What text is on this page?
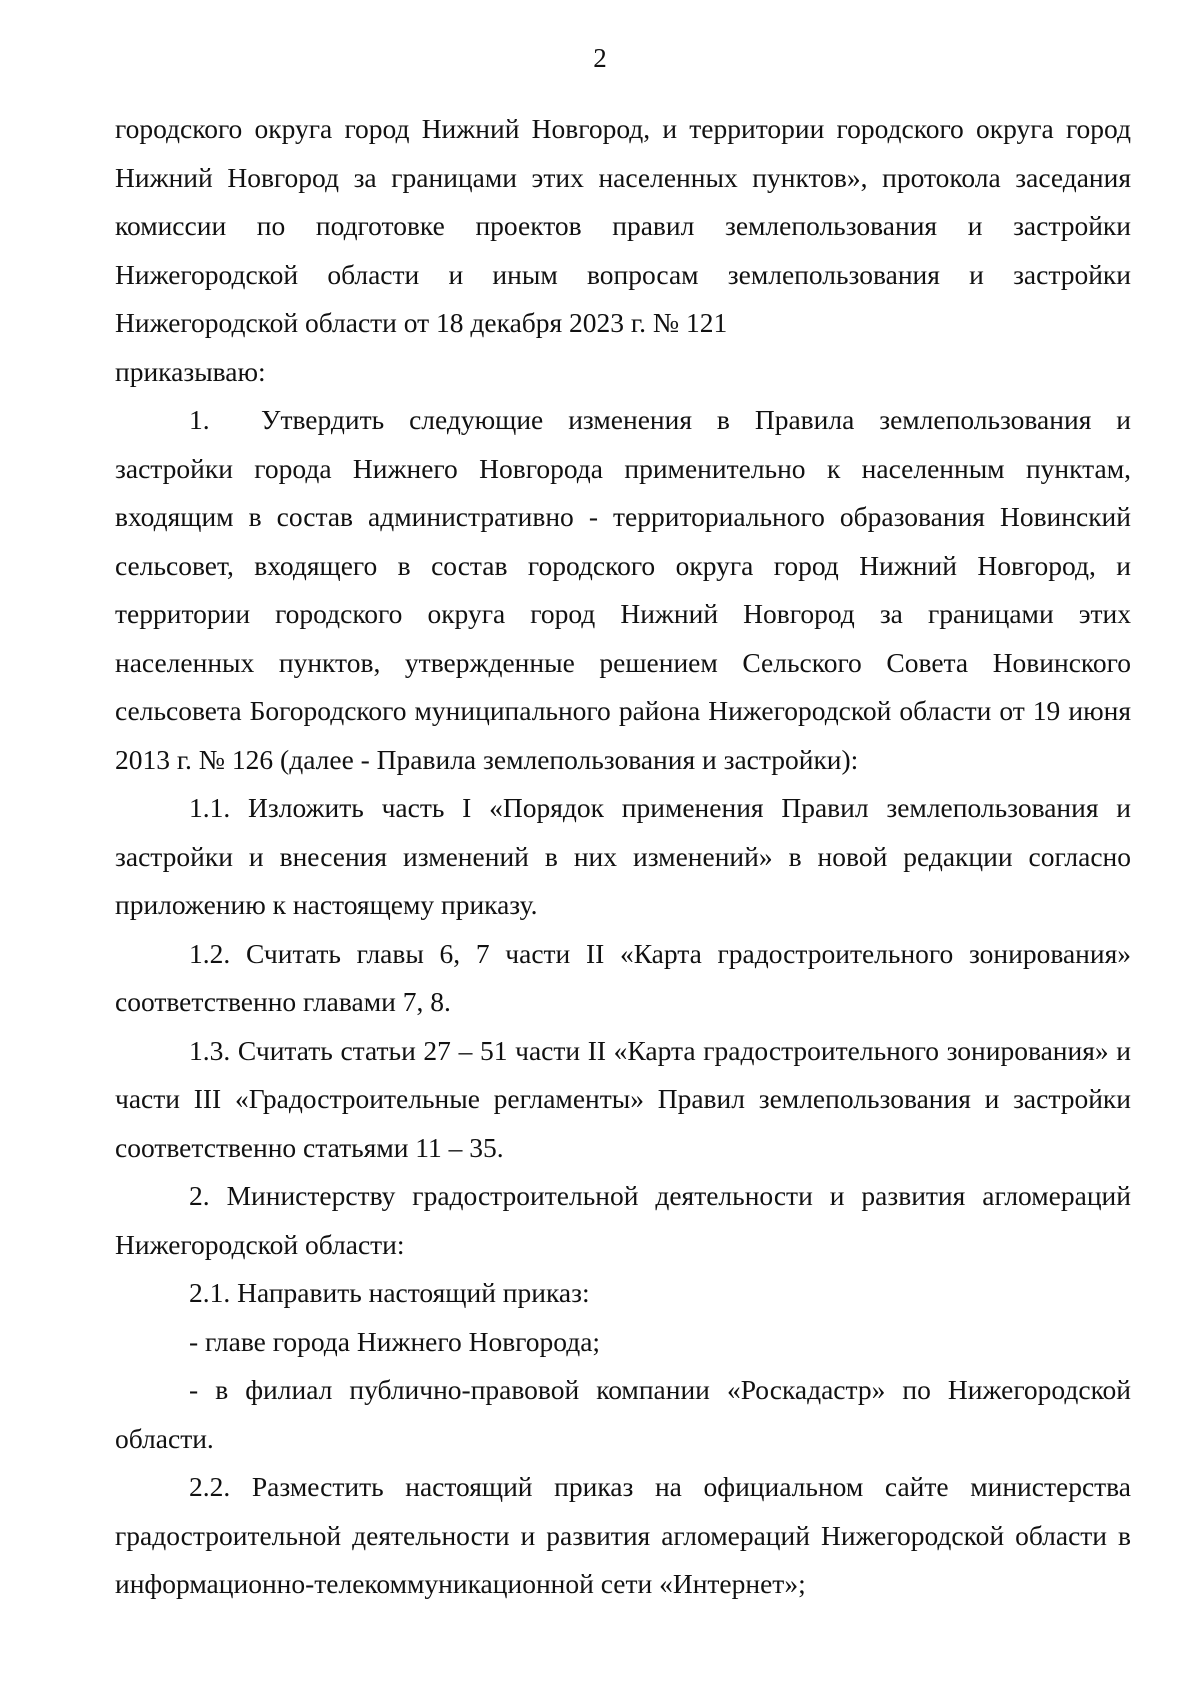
2

городского округа город Нижний Новгород, и территории городского округа город Нижний Новгород за границами этих населенных пунктов», протокола заседания комиссии по подготовке проектов правил землепользования и застройки Нижегородской области и иным вопросам землепользования и застройки Нижегородской области от 18 декабря 2023 г. № 121

приказываю:

1. Утвердить следующие изменения в Правила землепользования и застройки города Нижнего Новгорода применительно к населенным пунктам, входящим в состав административно - территориального образования Новинский сельсовет, входящего в состав городского округа город Нижний Новгород, и территории городского округа город Нижний Новгород за границами этих населенных пунктов, утвержденные решением Сельского Совета Новинского сельсовета Богородского муниципального района Нижегородской области от 19 июня 2013 г. № 126 (далее - Правила землепользования и застройки):

1.1. Изложить часть I «Порядок применения Правил землепользования и застройки и внесения изменений в них изменений» в новой редакции согласно приложению к настоящему приказу.

1.2. Считать главы 6, 7 части II «Карта градостроительного зонирования» соответственно главами 7, 8.

1.3. Считать статьи 27 – 51 части II «Карта градостроительного зонирования» и части III «Градостроительные регламенты» Правил землепользования и застройки соответственно статьями 11 – 35.

2. Министерству градостроительной деятельности и развития агломераций Нижегородской области:

2.1. Направить настоящий приказ:

- главе города Нижнего Новгорода;

- в филиал публично-правовой компании «Роскадастр» по Нижегородской области.

2.2. Разместить настоящий приказ на официальном сайте министерства градостроительной деятельности и развития агломераций Нижегородской области в информационно-телекоммуникационной сети «Интернет»;
